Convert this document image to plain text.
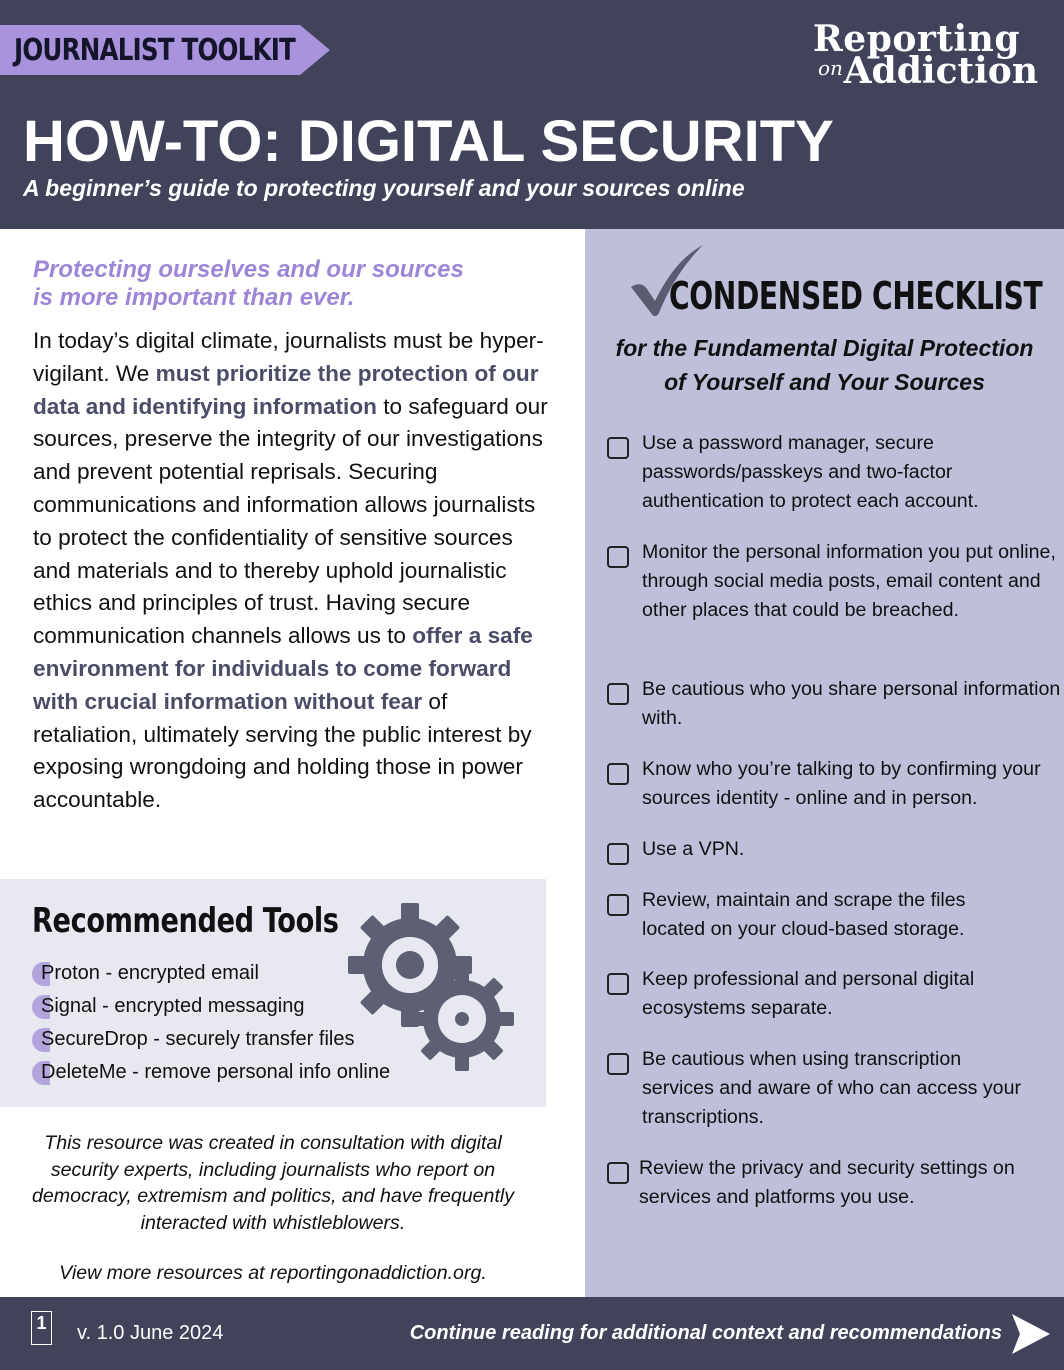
JOURNALIST TOOLKIT	Reporting
on Addiction
HOW-TO: DIGITAL SECURITY
A beginner’s guide to protecting yourself and your sources online
Protecting ourselves and our sources
is more important than ever.
In today’s digital climate, journalists must be hyper-vigilant. We must prioritize the protection of our data and identifying information to safeguard our sources, preserve the integrity of our investigations and prevent potential reprisals. Securing communications and information allows journalists to protect the confidentiality of sensitive sources and materials and to thereby uphold journalistic ethics and principles of trust. Having secure communication channels allows us to offer a safe environment for individuals to come forward with crucial information without fear of retaliation, ultimately serving the public interest by exposing wrongdoing and holding those in power accountable.
Recommended Tools
Proton - encrypted email
Signal - encrypted messaging
SecureDrop - securely transfer files
DeleteMe - remove personal info online
This resource was created in consultation with digital security experts, including journalists who report on democracy, extremism and politics, and have frequently interacted with whistleblowers.
View more resources at reportingonaddiction.org.
CONDENSED CHECKLIST
for the Fundamental Digital Protection
of Yourself and Your Sources
Use a password manager, secure passwords/passkeys and two-factor authentication to protect each account.
Monitor the personal information you put online, through social media posts, email content and other places that could be breached.
Be cautious who you share personal information with.
Know who you’re talking to by confirming your sources identity - online and in person.
Use a VPN.
Review, maintain and scrape the files located on your cloud-based storage.
Keep professional and personal digital ecosystems separate.
Be cautious when using transcription services and aware of who can access your transcriptions.
Review the privacy and security settings on services and platforms you use.
1 v. 1.0 June 2024	Continue reading for additional context and recommendations
